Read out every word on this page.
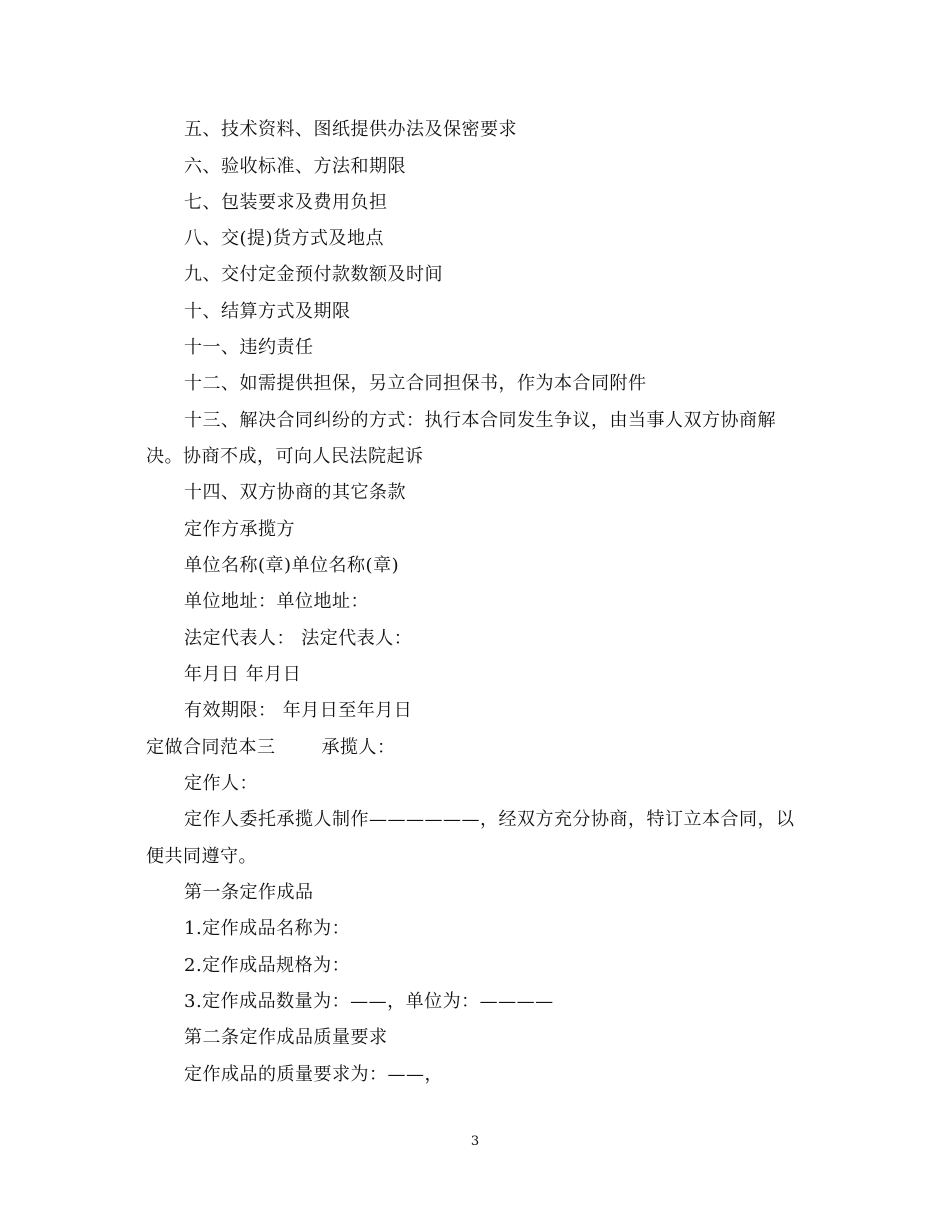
五、技术资料、图纸提供办法及保密要求
六、验收标准、方法和期限
七、包装要求及费用负担
八、交(提)货方式及地点
九、交付定金预付款数额及时间
十、结算方式及期限
十一、违约责任
十二、如需提供担保，另立合同担保书，作为本合同附件
十三、解决合同纠纷的方式：执行本合同发生争议，由当事人双方协商解
决。协商不成，可向人民法院起诉
十四、双方协商的其它条款
定作方承揽方
单位名称(章)单位名称(章)
单位地址：单位地址：
法定代表人： 法定代表人：
年月日 年月日
有效期限： 年月日至年月日
定做合同范本三	承揽人：
定作人：
定作人委托承揽人制作——————，经双方充分协商，特订立本合同，以
便共同遵守。
第一条定作成品
1.定作成品名称为：
2.定作成品规格为：
3.定作成品数量为：——，单位为：————
第二条定作成品质量要求
定作成品的质量要求为：——，
3
